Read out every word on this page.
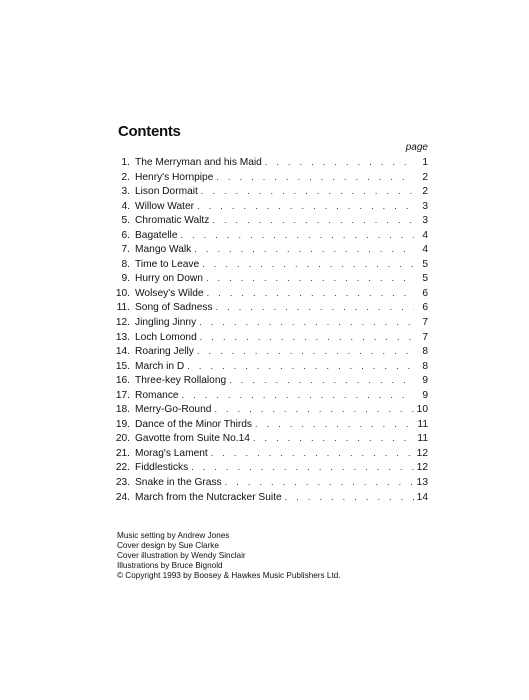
Contents
page
1. The Merryman and his Maid . . .	1
2. Henry's Hornpipe . . .	2
3. Lison Dormait . . .	2
4. Willow Water . . .	3
5. Chromatic Waltz . . .	3
6. Bagatelle . . .	4
7. Mango Walk . . .	4
8. Time to Leave . . .	5
9. Hurry on Down . . .	5
10. Wolsey's Wilde . . .	6
11. Song of Sadness . . .	6
12. Jingling Jinny . . .	7
13. Loch Lomond . . .	7
14. Roaring Jelly . . .	8
15. March in D . . .	8
16. Three-key Rollalong . . .	9
17. Romance . . .	9
18. Merry-Go-Round . . .	10
19. Dance of the Minor Thirds . . .	11
20. Gavotte from Suite No.14 . . .	11
21. Morag's Lament . . .	12
22. Fiddlesticks . . .	12
23. Snake in the Grass . . .	13
24. March from the Nutcracker Suite . . .	14
Music setting by Andrew Jones
Cover design by Sue Clarke
Cover illustration by Wendy Sinclair
Illustrations by Bruce Bignold
© Copyright 1993 by Boosey & Hawkes Music Publishers Ltd.
